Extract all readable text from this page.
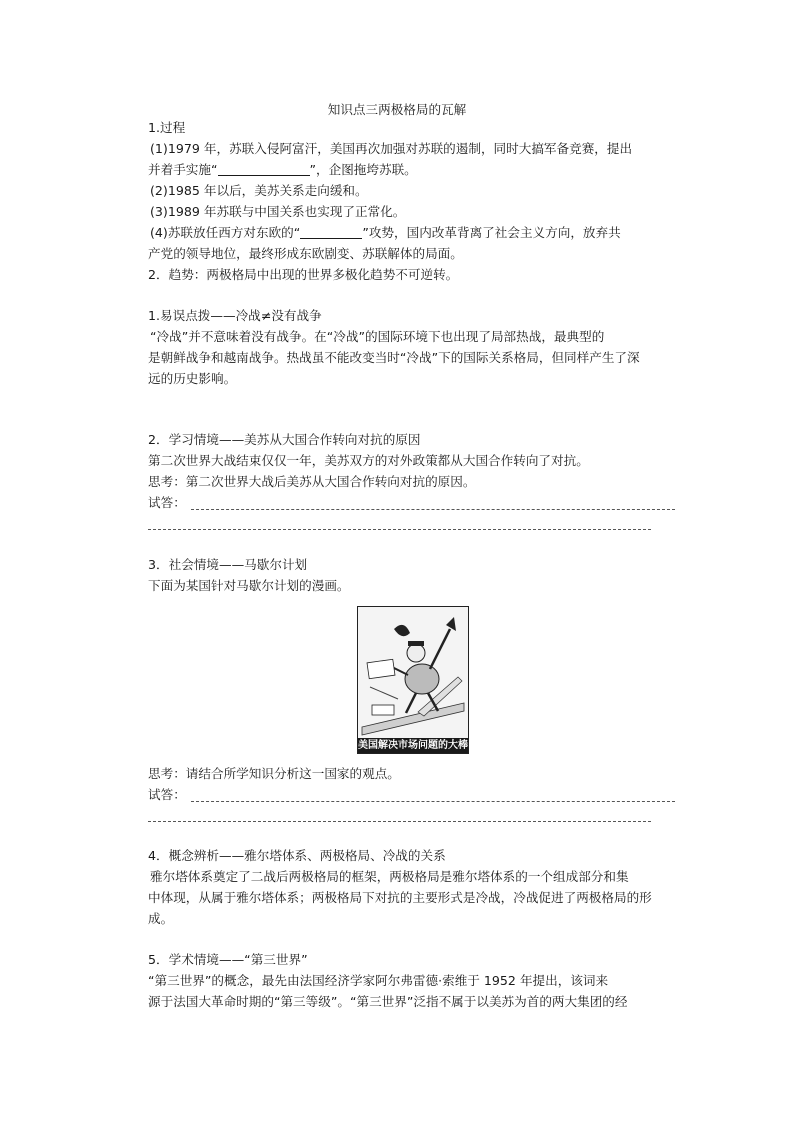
知识点三两极格局的瓦解
1.过程
(1)1979 年，苏联入侵阿富汗，美国再次加强对苏联的遏制，同时大搞军备竞赛，提出
并着手实施“	”，企图拖垮苏联。
(2)1985 年以后，美苏关系走向缓和。
(3)1989 年苏联与中国关系也实现了正常化。
(4)苏联放任西方对东欧的“	”攻势，国内改革背离了社会主义方向，放弃共
产党的领导地位，最终形成东欧剧变、苏联解体的局面。
2．趋势：两极格局中出现的世界多极化趋势不可逆转。
1.易误点拨——冷战≠没有战争
“冷战”并不意味着没有战争。在“冷战”的国际环境下也出现了局部热战，最典型的
是朝鲜战争和越南战争。热战虽不能改变当时“冷战”下的国际关系格局，但同样产生了深
远的历史影响。
2．学习情境——美苏从大国合作转向对抗的原因
第二次世界大战结束仅仅一年，美苏双方的对外政策都从大国合作转向了对抗。
思考：第二次世界大战后美苏从大国合作转向对抗的原因。
试答：
3．社会情境——马歇尔计划
下面为某国针对马歇尔计划的漫画。
美国解决市场问题的大棒
思考：请结合所学知识分析这一国家的观点。
试答：
4．概念辨析——雅尔塔体系、两极格局、冷战的关系
雅尔塔体系奠定了二战后两极格局的框架，两极格局是雅尔塔体系的一个组成部分和集
中体现，从属于雅尔塔体系；两极格局下对抗的主要形式是冷战，冷战促进了两极格局的形
成。
5．学术情境——“第三世界”
“第三世界”的概念，最先由法国经济学家阿尔弗雷德·索维于 1952 年提出，该词来
源于法国大革命时期的“第三等级”。“第三世界”泛指不属于以美苏为首的两大集团的经
